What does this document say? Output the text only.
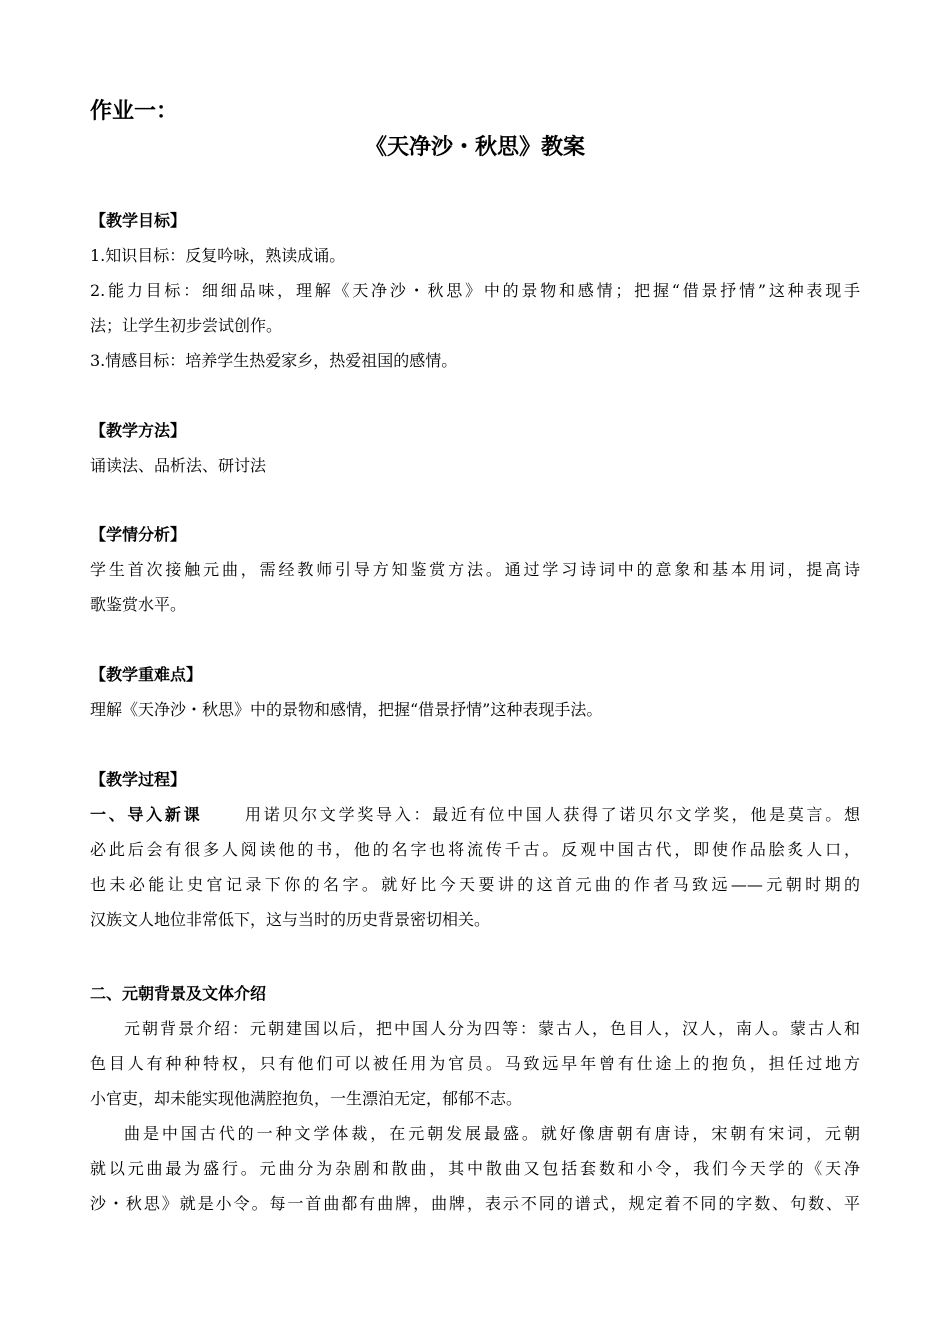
作业一：
《天净沙・秋思》教案
【教学目标】
1.知识目标：反复吟咏，熟读成诵。
2.能力目标：细细品味，理解《天净沙・秋思》中的景物和感情；把握“借景抒情”这种表现手
法；让学生初步尝试创作。
3.情感目标：培养学生热爱家乡，热爱祖国的感情。
【教学方法】
诵读法、品析法、研讨法
【学情分析】
学生首次接触元曲，需经教师引导方知鉴赏方法。通过学习诗词中的意象和基本用词，提高诗
歌鉴赏水平。
【教学重难点】
理解《天净沙・秋思》中的景物和感情，把握“借景抒情”这种表现手法。
【教学过程】
一、导入新课	用诺贝尔文学奖导入：最近有位中国人获得了诺贝尔文学奖，他是莫言。想
必此后会有很多人阅读他的书，他的名字也将流传千古。反观中国古代，即使作品脍炙人口，
也未必能让史官记录下你的名字。就好比今天要讲的这首元曲的作者马致远——元朝时期的
汉族文人地位非常低下，这与当时的历史背景密切相关。
二、元朝背景及文体介绍
元朝背景介绍：元朝建国以后，把中国人分为四等：蒙古人，色目人，汉人，南人。蒙古人和
色目人有种种特权，只有他们可以被任用为官员。马致远早年曾有仕途上的抱负，担任过地方
小官吏，却未能实现他满腔抱负，一生漂泊无定，郁郁不志。
曲是中国古代的一种文学体裁，在元朝发展最盛。就好像唐朝有唐诗，宋朝有宋词，元朝
就以元曲最为盛行。元曲分为杂剧和散曲，其中散曲又包括套数和小令，我们今天学的《天净
沙・秋思》就是小令。每一首曲都有曲牌，曲牌，表示不同的谱式，规定着不同的字数、句数、平
